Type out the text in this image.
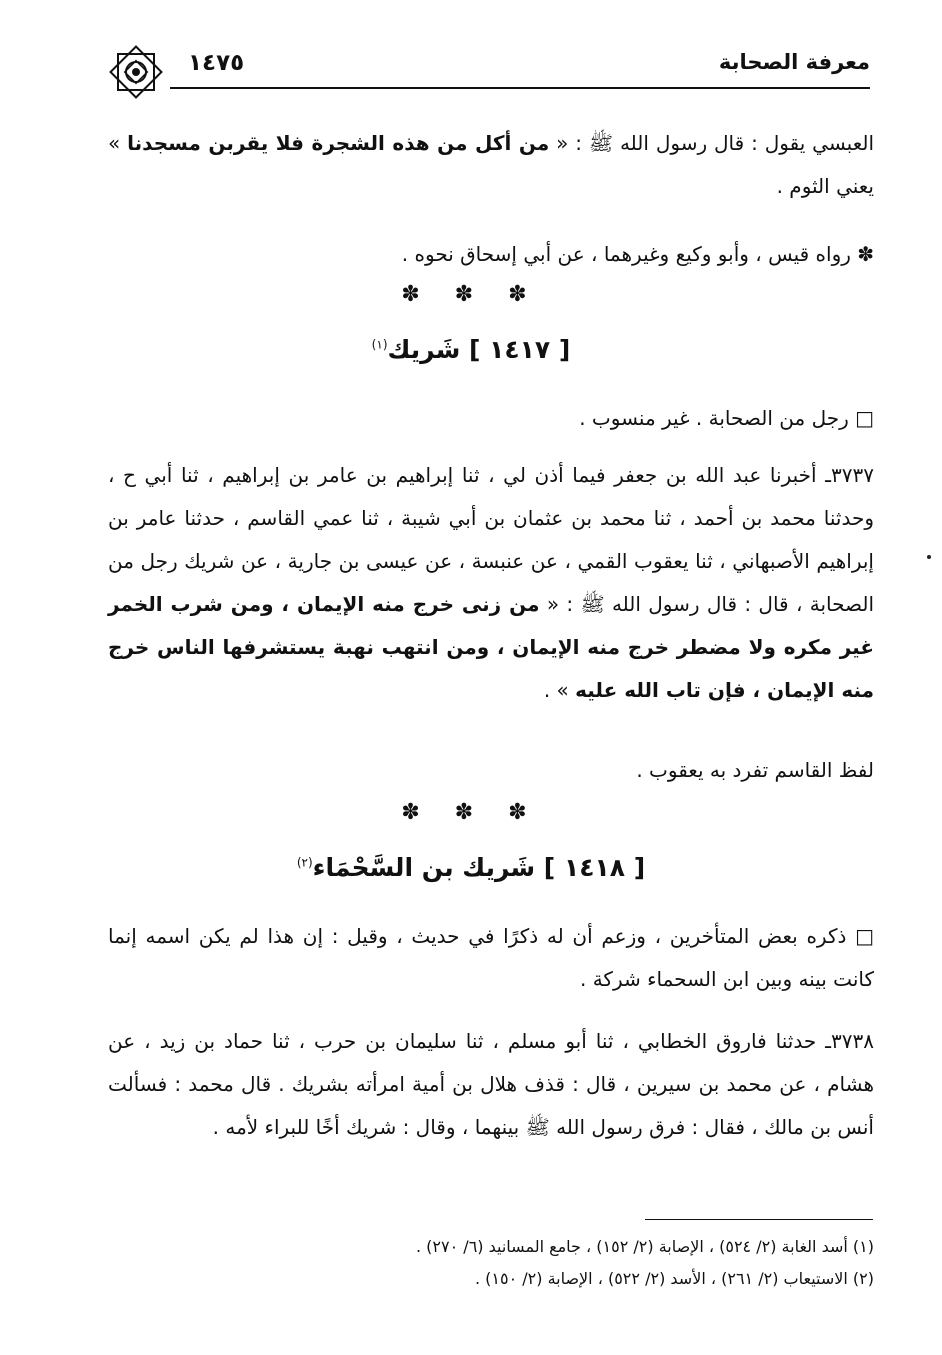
معرفة الصحابة
١٤٧٥
العبسي يقول : قال رسول الله ﷺ : « من أكل من هذه الشجرة فلا يقربن مسجدنا » يعني الثوم .
✽ رواه قيس ، وأبو وكيع وغيرهما ، عن أبي إسحاق نحوه .
✽ ✽ ✽
[ ١٤١٧ ] شَريك$^{(١)}$
□ رجل من الصحابة . غير منسوب .
٣٧٣٧ـ أخبرنا عبد الله بن جعفر فيما أذن لي ، ثنا إبراهيم بن عامر بن إبراهيم ، ثنا أبي ح ، وحدثنا محمد بن أحمد ، ثنا محمد بن عثمان بن أبي شيبة ، ثنا عمي القاسم ، حدثنا عامر بن إبراهيم الأصبهاني ، ثنا يعقوب القمي ، عن عنبسة ، عن عيسى بن جارية ، عن شريك رجل من الصحابة ، قال : قال رسول الله ﷺ : « من زنى خرج منه الإيمان ، ومن شرب الخمر غير مكره ولا مضطر خرج منه الإيمان ، ومن انتهب نهبة يستشرفها الناس خرج منه الإيمان ، فإن تاب الله عليه » .
لفظ القاسم تفرد به يعقوب .
✽ ✽ ✽
[ ١٤١٨ ] شَريك بن السَّحْمَاء$^{(٢)}$
□ ذكره بعض المتأخرين ، وزعم أن له ذكرًا في حديث ، وقيل : إن هذا لم يكن اسمه إنما كانت بينه وبين ابن السحماء شركة .
٣٧٣٨ـ حدثنا فاروق الخطابي ، ثنا أبو مسلم ، ثنا سليمان بن حرب ، ثنا حماد بن زيد ، عن هشام ، عن محمد بن سيرين ، قال : قذف هلال بن أمية امرأته بشريك . قال محمد : فسألت أنس بن مالك ، فقال : فرق رسول الله ﷺ بينهما ، وقال : شريك أخًا للبراء لأمه .
(١) أسد الغابة (٢/ ٥٢٤) ، الإصابة (٢/ ١٥٢) ، جامع المسانيد (٦/ ٢٧٠) .
(٢) الاستيعاب (٢/ ٢٦١) ، الأسد (٢/ ٥٢٢) ، الإصابة (٢/ ١٥٠) .
